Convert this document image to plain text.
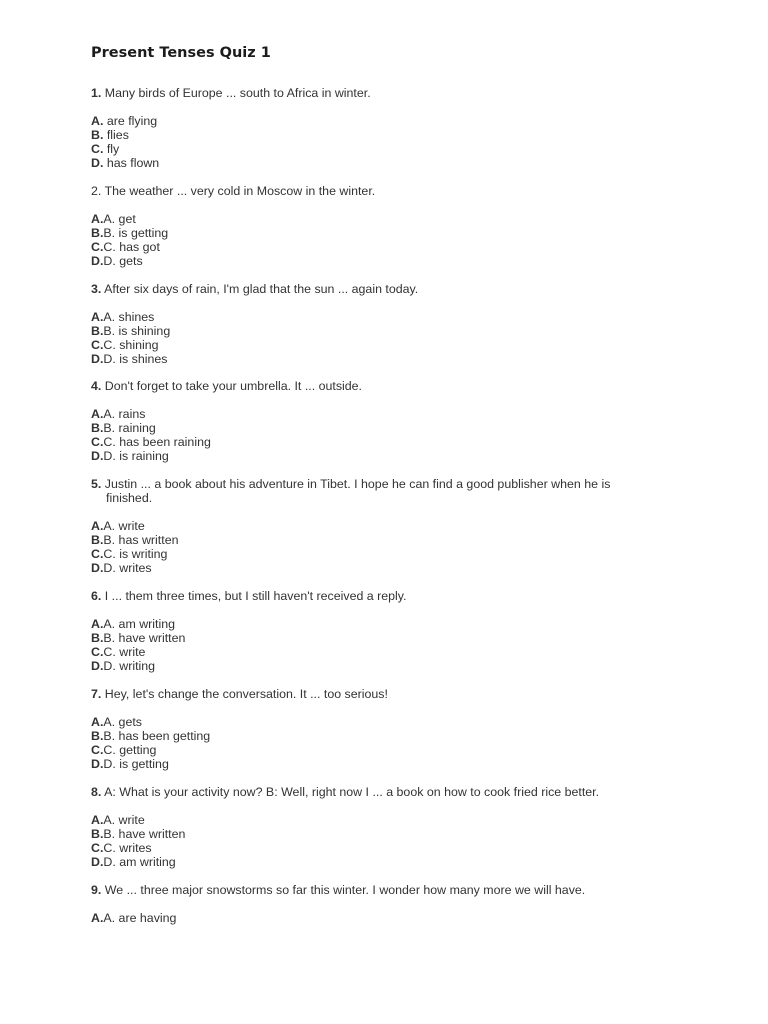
Present Tenses Quiz 1
1. Many birds of Europe ... south to Africa in winter.
A. are flying
B. flies
C. fly
D. has flown
2. The weather ... very cold in Moscow in the winter.
A.A. get
B.B. is getting
C.C. has got
D.D. gets
3. After six days of rain, I'm glad that the sun ... again today.
A.A. shines
B.B. is shining
C.C. shining
D.D. is shines
4. Don't forget to take your umbrella. It ... outside.
A.A. rains
B.B. raining
C.C. has been raining
D.D. is raining
5. Justin ... a book about his adventure in Tibet. I hope he can find a good publisher when he is finished.
A.A. write
B.B. has written
C.C. is writing
D.D. writes
6. I ... them three times, but I still haven't received a reply.
A.A. am writing
B.B. have written
C.C. write
D.D. writing
7. Hey, let's change the conversation. It ... too serious!
A.A. gets
B.B. has been getting
C.C. getting
D.D. is getting
8. A: What is your activity now? B: Well, right now I ... a book on how to cook fried rice better.
A.A. write
B.B. have written
C.C. writes
D.D. am writing
9. We ... three major snowstorms so far this winter. I wonder how many more we will have.
A.A. are having
